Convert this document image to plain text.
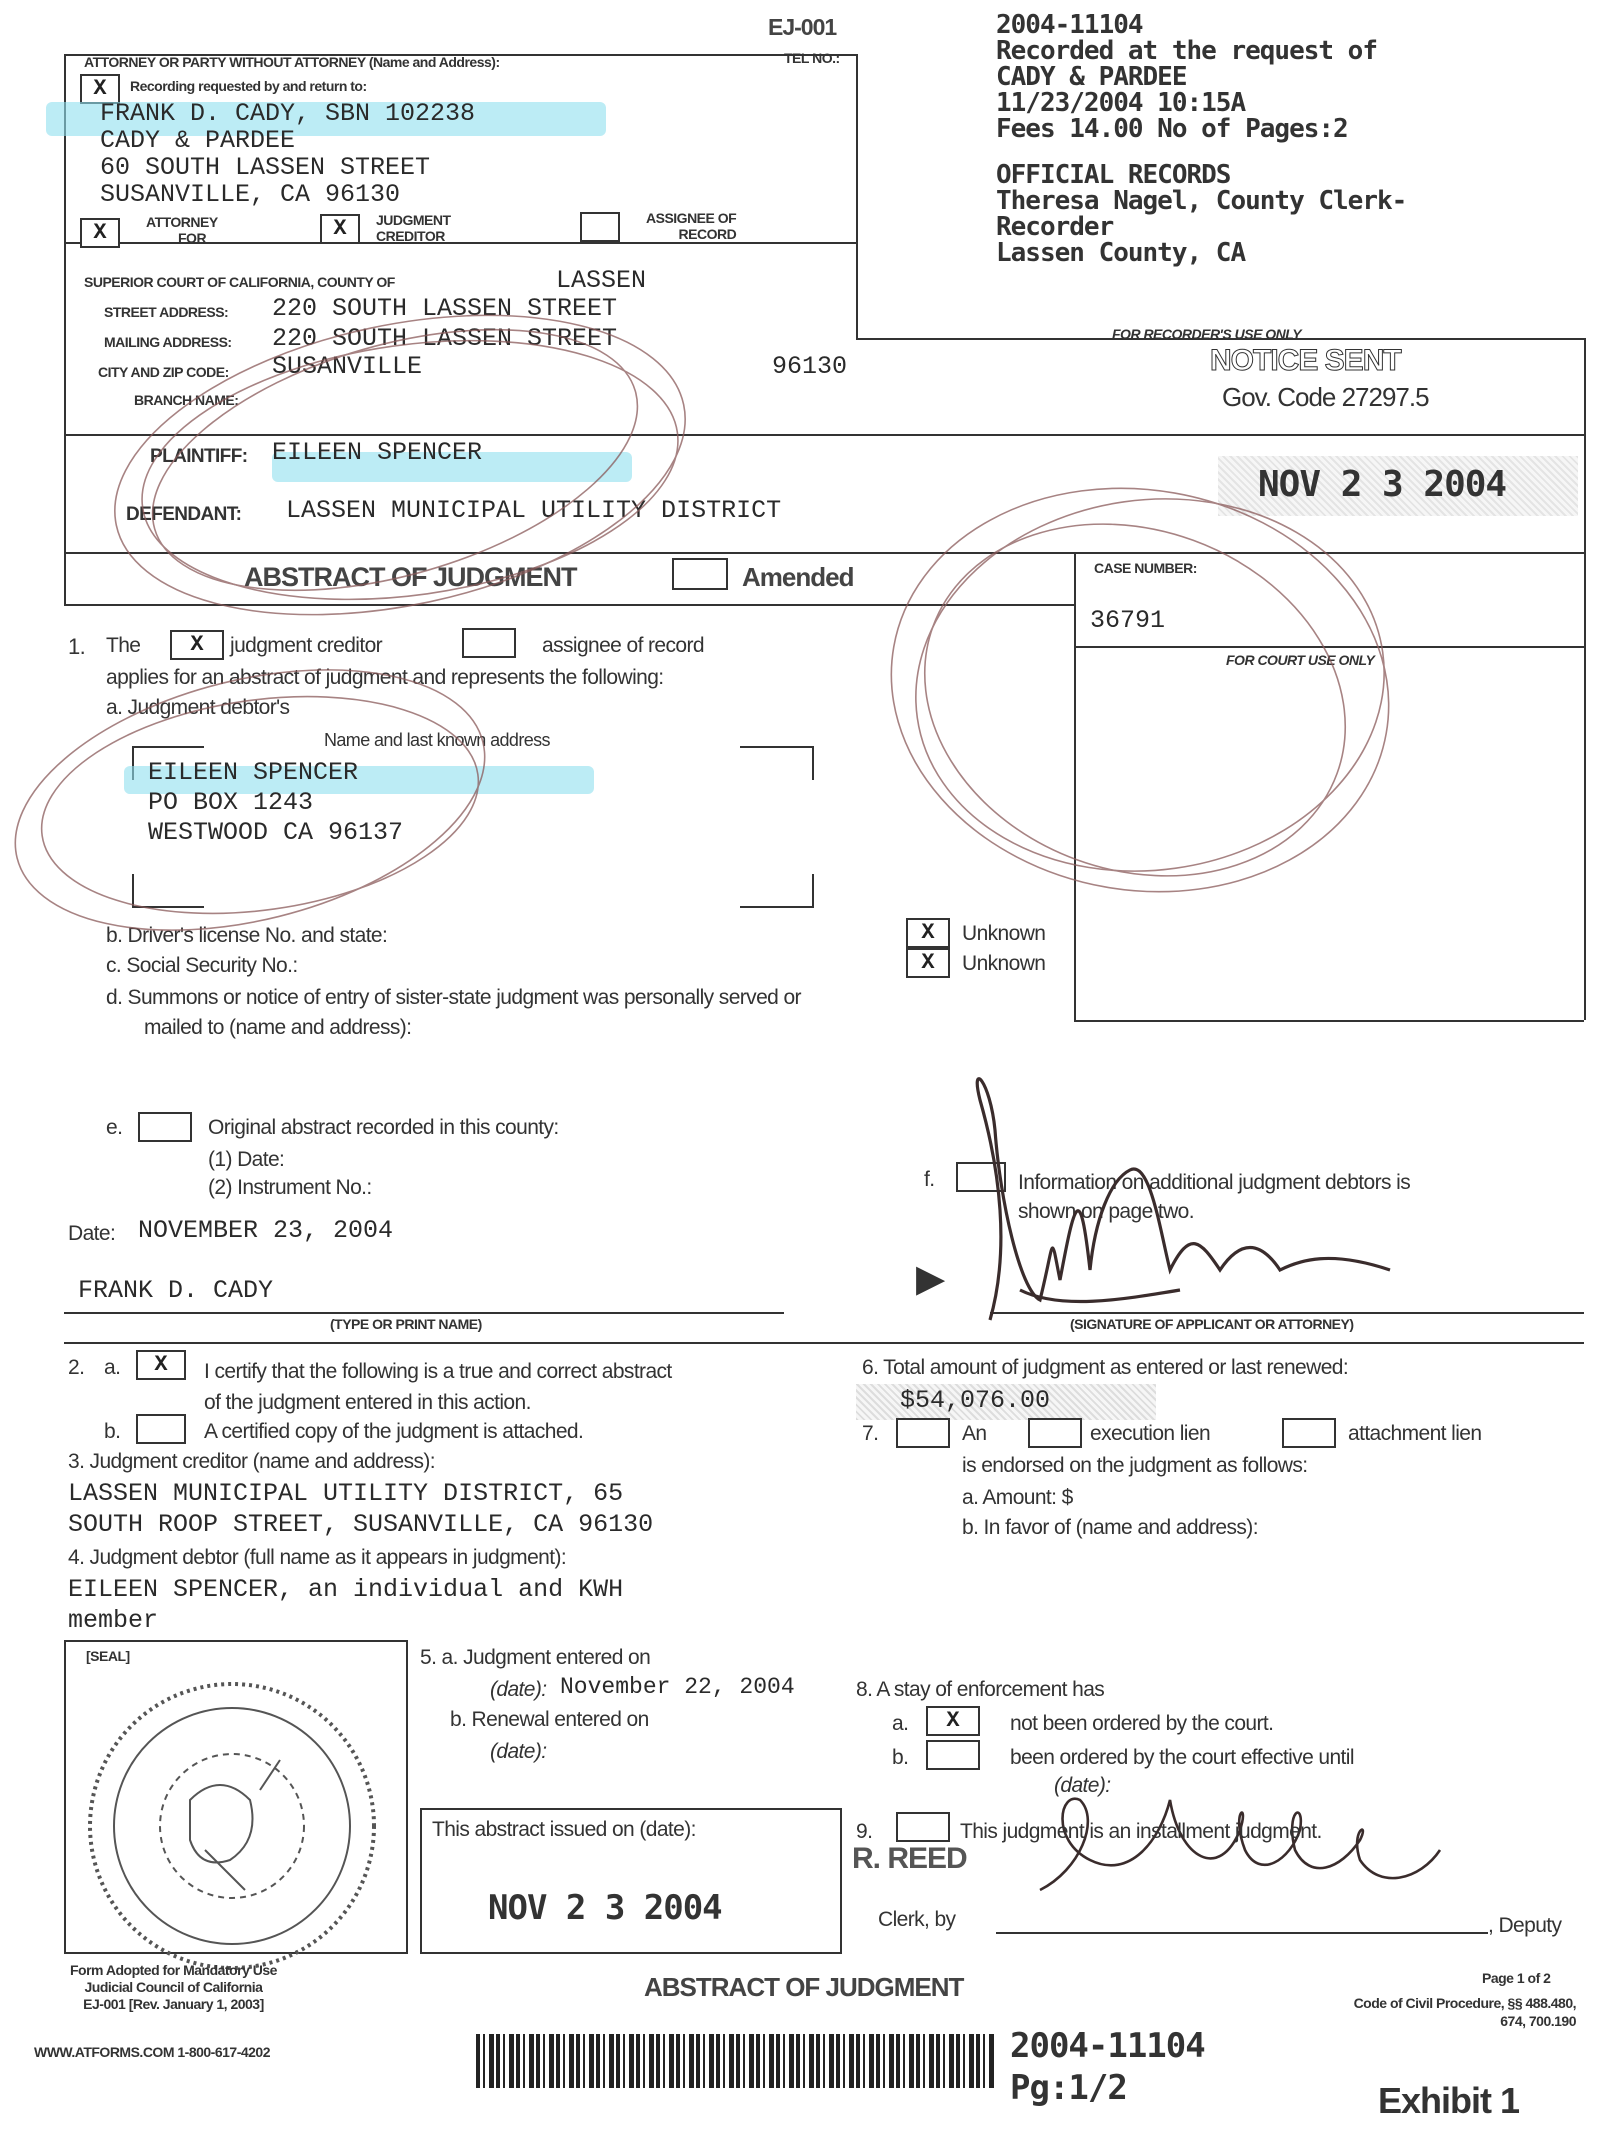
EJ-001	2004-11104
Recorded at the request of
CADY & PARDEE
11/23/2004 10:15A
Fees 14.00 No of Pages:2
OFFICIAL RECORDS
Theresa Nagel, County Clerk-
Recorder
Lassen County, CA
FOR RECORDER'S USE ONLY
NOTICE SENT
Gov. Code 27297.5
NOV 2 3 2004
ATTORNEY OR PARTY WITHOUT ATTORNEY (Name and Address):	TEL NO.:
X	Recording requested by and return to:
FRANK D. CADY, SBN 102238
CADY & PARDEE
60 SOUTH LASSEN STREET
SUSANVILLE, CA 96130
X	ATTORNEY
FOR	X	JUDGMENT
CREDITOR
ASSIGNEE OF
RECORD
SUPERIOR COURT OF CALIFORNIA, COUNTY OF	LASSEN
STREET ADDRESS: 220 SOUTH LASSEN STREET
MAILING ADDRESS: 220 SOUTH LASSEN STREET
CITY AND ZIP CODE: SUSANVILLE	96130
BRANCH NAME:
PLAINTIFF: EILEEN SPENCER
DEFENDANT: LASSEN MUNICIPAL UTILITY DISTRICT
ABSTRACT OF JUDGMENT	Amended	CASE NUMBER:
36791
FOR COURT USE ONLY
1. The	X	judgment creditor	assignee of record
applies for an abstract of judgment and represents the following:
a. Judgment debtor's
Name and last known address
EILEEN SPENCER
PO BOX 1243
WESTWOOD CA 96137
b. Driver's license No. and state:	X	Unknown
c. Social Security No.:	X	Unknown
d. Summons or notice of entry of sister-state judgment was personally served or
mailed to (name and address):
e.	Original abstract recorded in this county:
(1) Date:
(2) Instrument No.:	f.	Information on additional judgment debtors is
shown on page two.
Date: NOVEMBER 23, 2004
FRANK D. CADY
(TYPE OR PRINT NAME)
▶
(SIGNATURE OF APPLICANT OR ATTORNEY)
2. a.	X	I certify that the following is a true and correct abstract
of the judgment entered in this action.
b.	A certified copy of the judgment is attached.
3. Judgment creditor (name and address):
LASSEN MUNICIPAL UTILITY DISTRICT, 65
SOUTH ROOP STREET, SUSANVILLE, CA 96130
4. Judgment debtor (full name as it appears in judgment):
EILEEN SPENCER, an individual and KWH
member
[SEAL]	5. a. Judgment entered on
(date): November 22, 2004
b. Renewal entered on
(date):
This abstract issued on (date):
NOV 2 3 2004
R. REED
Clerk, by	, Deputy
6. Total amount of judgment as entered or last renewed:
$54,076.00
7.	An	execution lien	attachment lien
is endorsed on the judgment as follows:
a. Amount: $
b. In favor of (name and address):
8. A stay of enforcement has
a.	X	not been ordered by the court.
b.	been ordered by the court effective until
(date):
9.	This judgment is an installment judgment.
Form Adopted for Mandatory Use
Judicial Council of California
EJ-001 [Rev. January 1, 2003]
ABSTRACT OF JUDGMENT	Page 1 of 2
Code of Civil Procedure, §§ 488.480,
674, 700.190
WWW.ATFORMS.COM 1-800-617-4202	2004-11104
Pg:1/2	Exhibit 1
